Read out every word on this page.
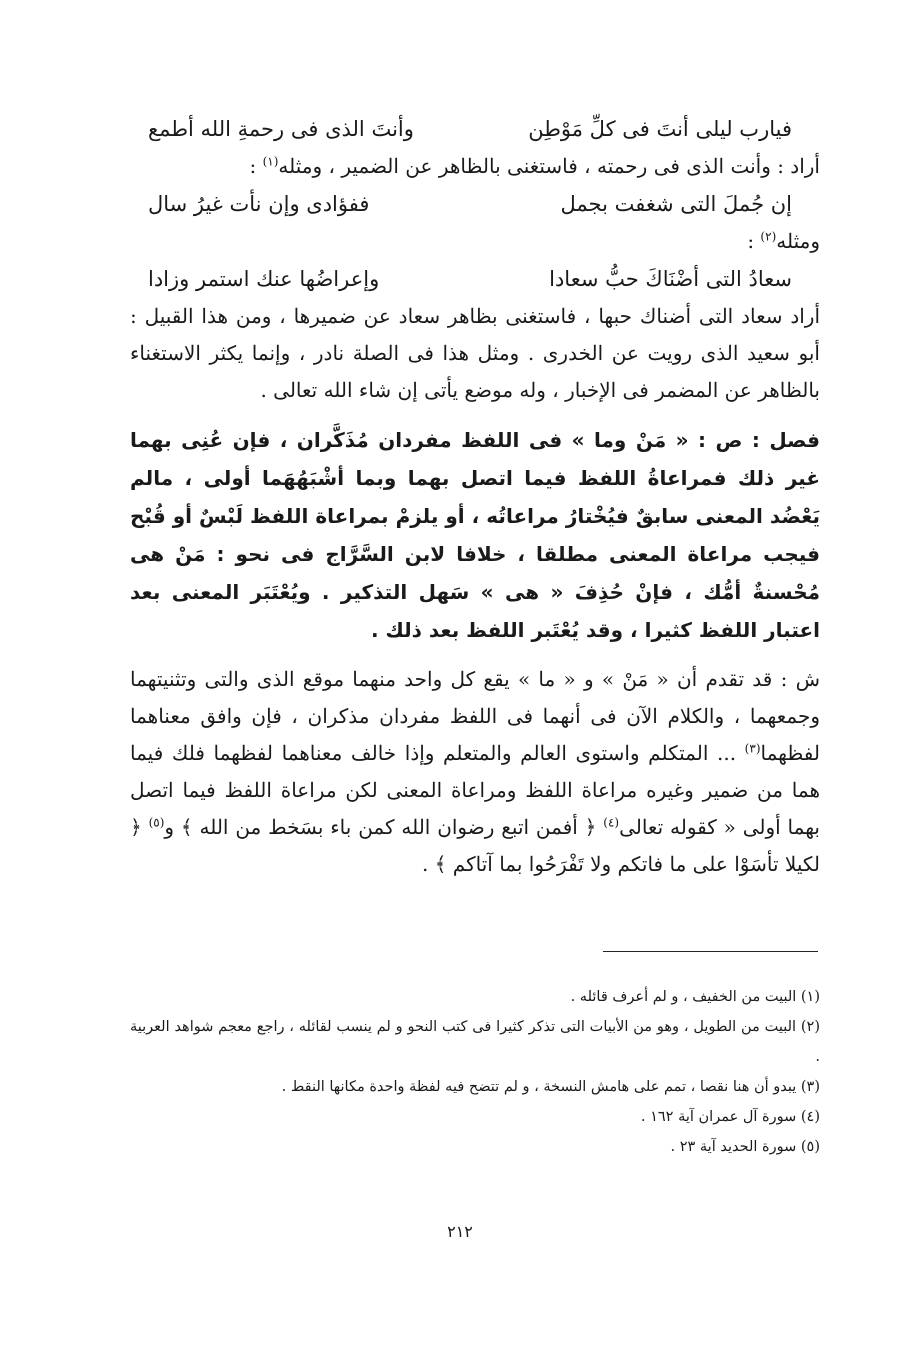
فيارب ليلى أنتَ فى كلِّ مَوْطِن
وأنتَ الذى فى رحمةِ الله أطمع
أراد : وأنت الذى فى رحمته ، فاستغنى بالظاهر عن الضمير ، ومثله$^{(١)}$ :
إن جُملَ التى شغفت بجمل
ففؤادى وإن نأت غيرُ سال
ومثله$^{(٢)}$ :
سعادُ التى أضْنَاكَ حبُّ سعادا
وإعراضُها عنك استمر وزادا

أراد سعاد التى أضناك حبها ، فاستغنى بظاهر سعاد عن ضميرها ، ومن هذا القبيل : أبو سعيد الذى رويت عن الخدرى . ومثل هذا فى الصلة نادر ، وإنما يكثر الاستغناء بالظاهر عن المضمر فى الإخبار ، وله موضع يأتى إن شاء الله تعالى .

فصل : ص : « مَنْ وما » فى اللفظ مفردان مُذَكَّران ، فإن عُنِى بهما غير ذلك فمراعاةُ اللفظ فيما اتصل بهما وبما أشْبَهُهَما أولى ، مالم يَعْضُد المعنى سابقٌ فيُخْتارُ مراعاتُه ، أو يلزمْ بمراعاة اللفظ لَبْسٌ أو قُبْح فيجب مراعاة المعنى مطلقا ، خلافا لابن السَّرَّاج فى نحو : مَنْ هى مُحْسنةٌ أمُّك ، فإنْ حُذِفَ « هى » سَهل التذكير . ويُعْتَبَر المعنى بعد اعتبار اللفظ كثيرا ، وقد يُعْتَبر اللفظ بعد ذلك .

ش : قد تقدم أن « مَنْ » و « ما » يقع كل واحد منهما موقع الذى والتى وتثنيتهما وجمعهما ، والكلام الآن فى أنهما فى اللفظ مفردان مذكران ، فإن وافق معناهما لفظهما$^{(٣)}$ ... المتكلم واستوى العالم والمتعلم وإذا خالف معناهما لفظهما فلك فيما هما من ضمير وغيره مراعاة اللفظ ومراعاة المعنى لكن مراعاة اللفظ فيما اتصل بهما أولى « كقوله تعالى$^{(٤)}$ ﴿ أفمن اتبع رضوان الله كمن باء بسَخط من الله ﴾ و$^{(٥)}$ ﴿ لكيلا تأسَوْا على ما فاتكم ولا تَفْرَحُوا بما آتاكم ﴾ .

(١) البيت من الخفيف ، و لم أعرف قائله .

(٢) البيت من الطويل ، وهو من الأبيات التى تذكر كثيرا فى كتب النحو و لم ينسب لقائله ، راجع معجم شواهد العربية .

(٣) يبدو أن هنا نقصا ، تمم على هامش النسخة ، و لم تتضح فيه لفظة واحدة مكانها النقط .

(٤) سورة آل عمران آية ١٦٢ .

(٥) سورة الحديد آية ٢٣ .

٢١٢
